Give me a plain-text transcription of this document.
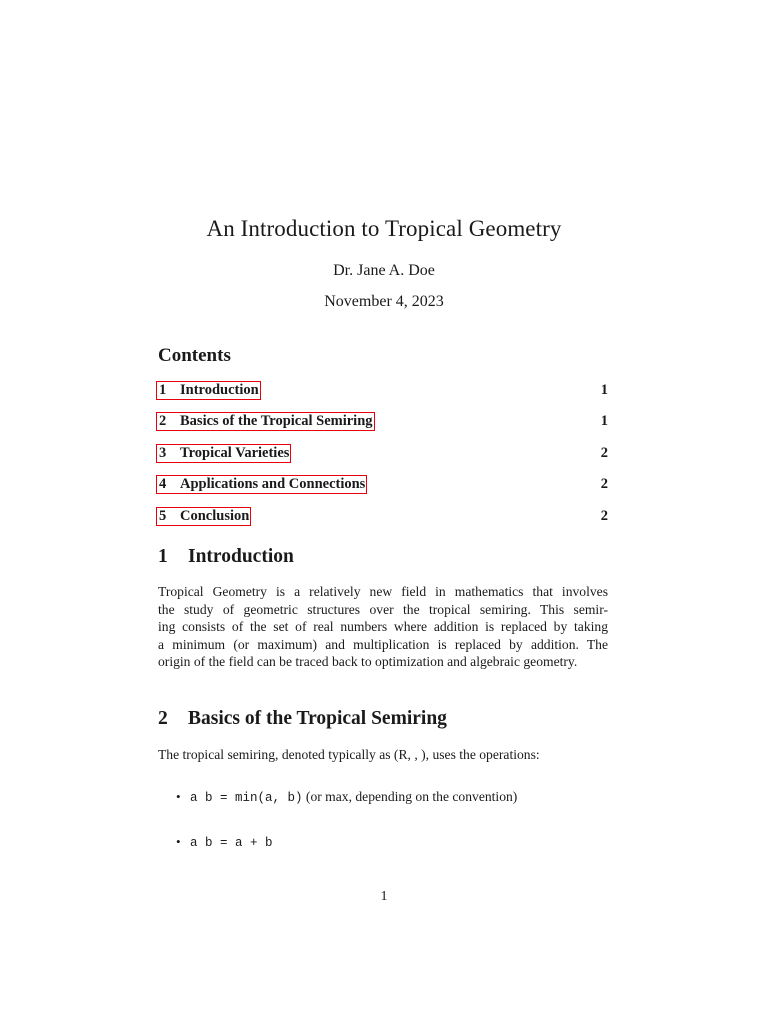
An Introduction to Tropical Geometry
Dr. Jane A. Doe
November 4, 2023
Contents
1 Introduction	1
2 Basics of the Tropical Semiring	1
3 Tropical Varieties	2
4 Applications and Connections	2
5 Conclusion	2
1 Introduction
Tropical Geometry is a relatively new field in mathematics that involves
the study of geometric structures over the tropical semiring. This semir-
ing consists of the set of real numbers where addition is replaced by taking
a minimum (or maximum) and multiplication is replaced by addition. The
origin of the field can be traced back to optimization and algebraic geometry.
2 Basics of the Tropical Semiring
The tropical semiring, denoted typically as (R, , ), uses the operations:
• a b = min(a, b) (or max, depending on the convention)
• a b = a + b
1
